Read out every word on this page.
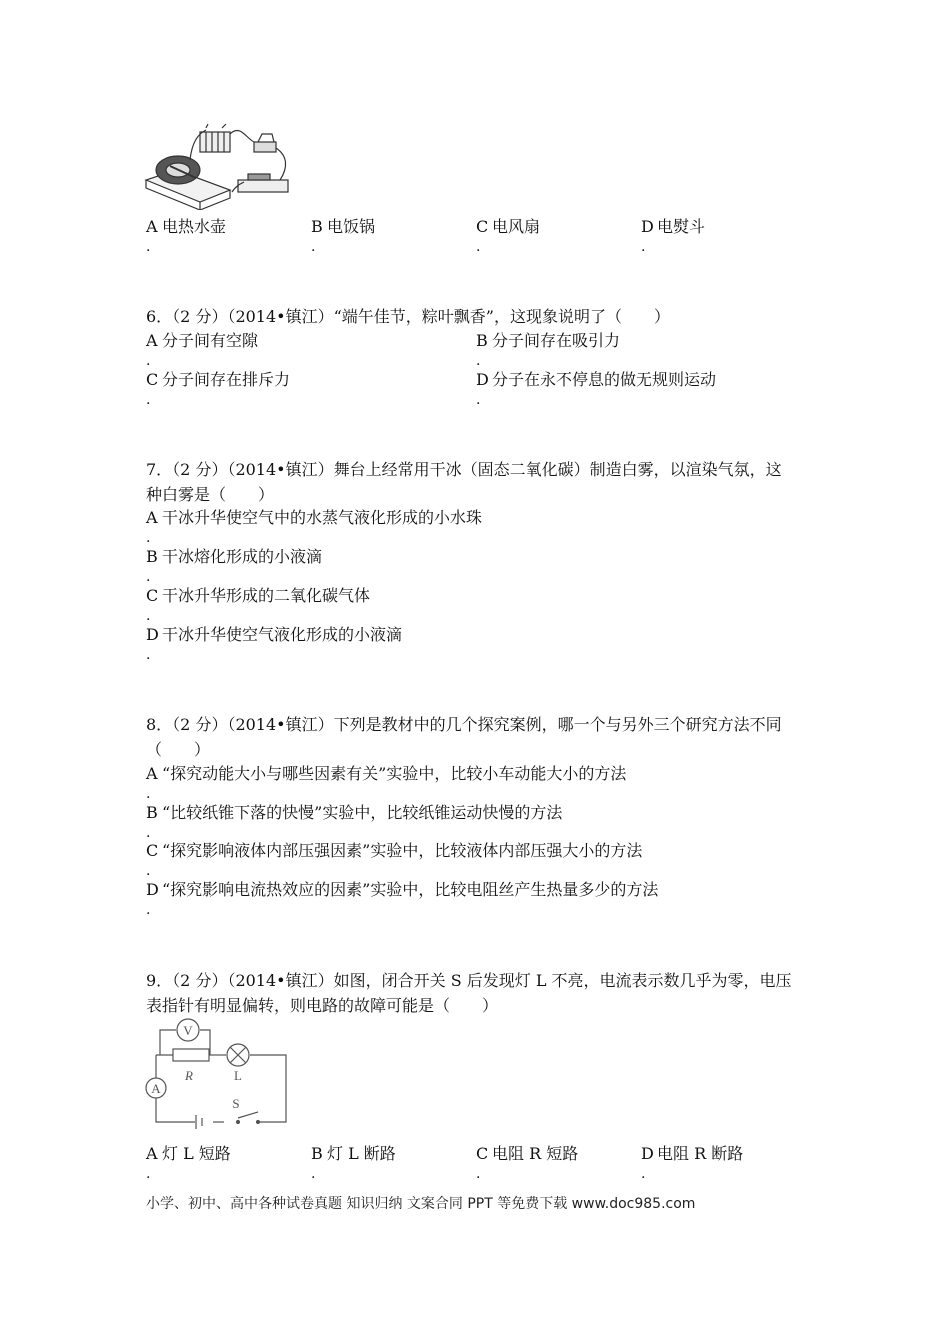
A 电热水壶
.
B 电饭锅
.
C 电风扇
.
D 电熨斗
.
6．（2 分）（2014•镇江）“端午佳节，粽叶飘香”，这现象说明了（　　）
A 分子间有空隙
.
B 分子间存在吸引力
.
C 分子间存在排斥力
.
D 分子在永不停息的做无规则运动
.
7．（2 分）（2014•镇江）舞台上经常用干冰（固态二氧化碳）制造白雾，以渲染气氛，这
种白雾是（　　）
A 干冰升华使空气中的水蒸气液化形成的小水珠
.
B 干冰熔化形成的小液滴
.
C 干冰升华形成的二氧化碳气体
.
D 干冰升华使空气液化形成的小液滴
.
8．（2 分）（2014•镇江）下列是教材中的几个探究案例，哪一个与另外三个研究方法不同
（　　）
A “探究动能大小与哪些因素有关”实验中，比较小车动能大小的方法
.
B “比较纸锥下落的快慢”实验中，比较纸锥运动快慢的方法
.
C “探究影响液体内部压强因素”实验中，比较液体内部压强大小的方法
.
D “探究影响电流热效应的因素”实验中，比较电阻丝产生热量多少的方法
.
9．（2 分）（2014•镇江）如图，闭合开关 S 后发现灯 L 不亮，电流表示数几乎为零，电压
表指针有明显偏转，则电路的故障可能是（　　）
V
A
R	L
S
A 灯 L 短路
.
B 灯 L 断路
.
C 电阻 R 短路
.
D 电阻 R 断路
.
小学、初中、高中各种试卷真题 知识归纳 文案合同 PPT 等免费下载 www.doc985.com
